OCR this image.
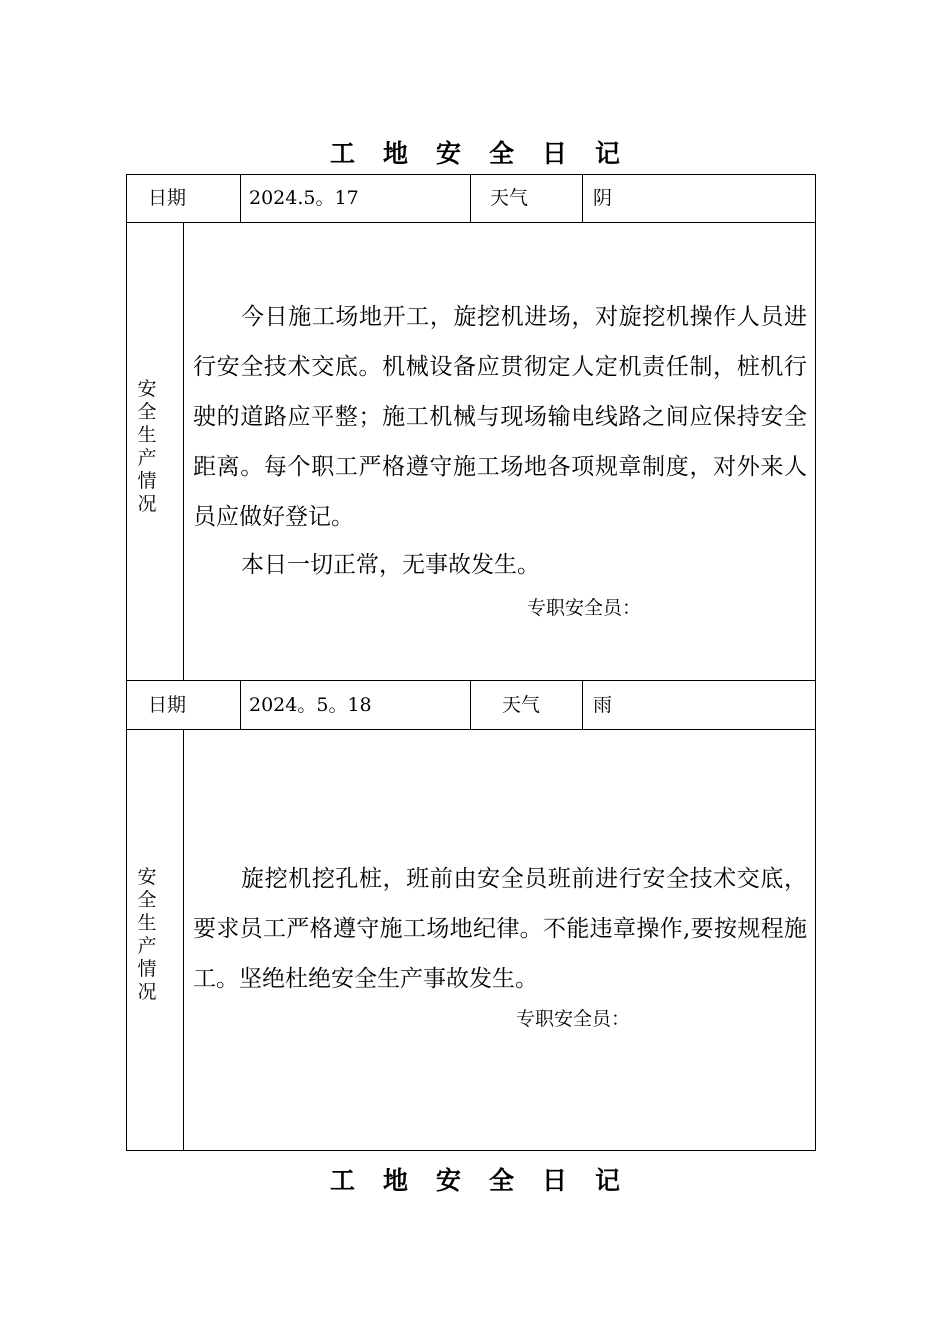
工地安全日记
日期	2024.5。17	天气	阴
安全生产情况
今日施工场地开工，旋挖机进场，对旋挖机操作人员进行安全技术交底。机械设备应贯彻定人定机责任制，桩机行驶的道路应平整；施工机械与现场输电线路之间应保持安全距离。每个职工严格遵守施工场地各项规章制度，对外来人员应做好登记。
本日一切正常，无事故发生。
专职安全员：
日期	2024。5。18	天气	雨
安全生产情况
旋挖机挖孔桩，班前由安全员班前进行安全技术交底，要求员工严格遵守施工场地纪律。不能违章操作,要按规程施工。坚绝杜绝安全生产事故发生。
专职安全员：
工地安全日记
